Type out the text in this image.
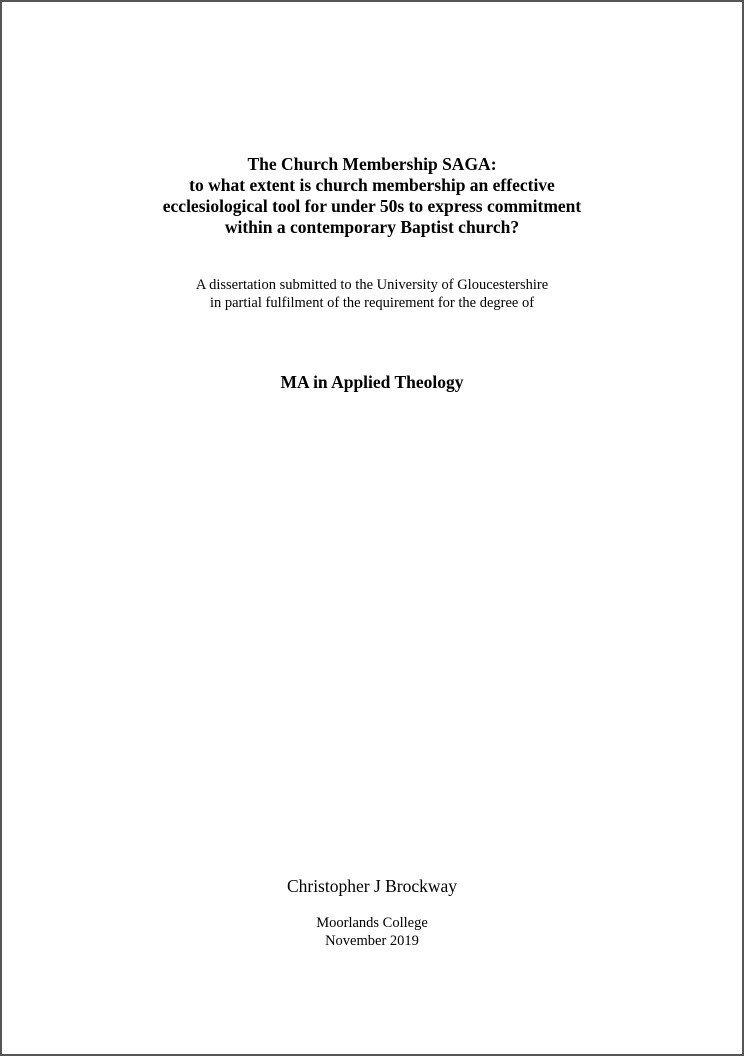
The Church Membership SAGA:
to what extent is church membership an effective
ecclesiological tool for under 50s to express commitment
within a contemporary Baptist church?
A dissertation submitted to the University of Gloucestershire
in partial fulfilment of the requirement for the degree of
MA in Applied Theology
Christopher J Brockway
Moorlands College
November 2019
